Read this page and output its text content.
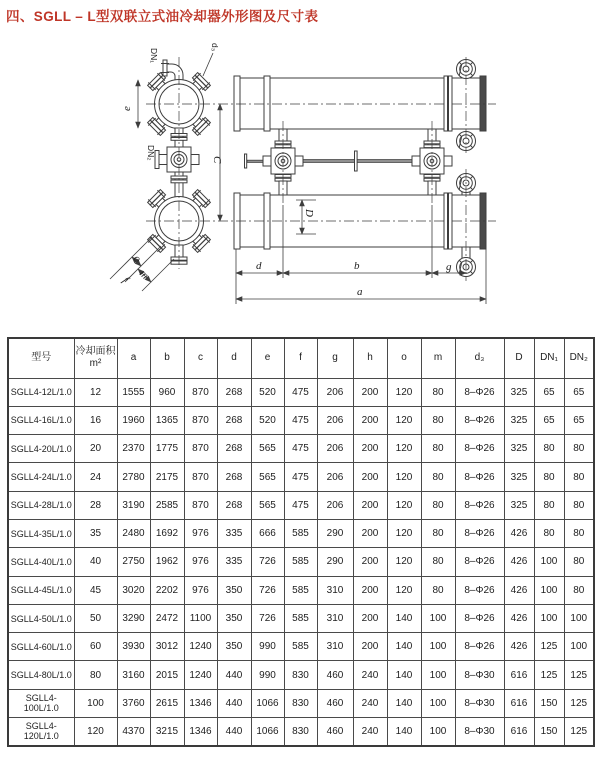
四、SGLL – L型双联立式油冷却器外形图及尺寸表
d₃
DN₁
DN₂
e
C
D
o
m
f
d	b	g
a
型号	冷却面积
m²	a	b	c	d	e	f	g	h	o	m	d₃	D	DN₁	DN₂
SGLL4-12L/1.0	12	1555	960	870	268	520	475	206	200	120	80	8–Φ26	325	65	65
SGLL4-16L/1.0	16	1960	1365	870	268	520	475	206	200	120	80	8–Φ26	325	65	65
SGLL4-20L/1.0	20	2370	1775	870	268	565	475	206	200	120	80	8–Φ26	325	80	80
SGLL4-24L/1.0	24	2780	2175	870	268	565	475	206	200	120	80	8–Φ26	325	80	80
SGLL4-28L/1.0	28	3190	2585	870	268	565	475	206	200	120	80	8–Φ26	325	80	80
SGLL4-35L/1.0	35	2480	1692	976	335	666	585	290	200	120	80	8–Φ26	426	80	80
SGLL4-40L/1.0	40	2750	1962	976	335	726	585	290	200	120	80	8–Φ26	426	100	80
SGLL4-45L/1.0	45	3020	2202	976	350	726	585	310	200	120	80	8–Φ26	426	100	80
SGLL4-50L/1.0	50	3290	2472	1100	350	726	585	310	200	140	100	8–Φ26	426	100	100
SGLL4-60L/1.0	60	3930	3012	1240	350	990	585	310	200	140	100	8–Φ26	426	125	100
SGLL4-80L/1.0	80	3160	2015	1240	440	990	830	460	240	140	100	8–Φ30	616	125	125
SGLL4-100L/1.0	100	3760	2615	1346	440	1066	830	460	240	140	100	8–Φ30	616	150	125
SGLL4-120L/1.0	120	4370	3215	1346	440	1066	830	460	240	140	100	8–Φ30	616	150	125
